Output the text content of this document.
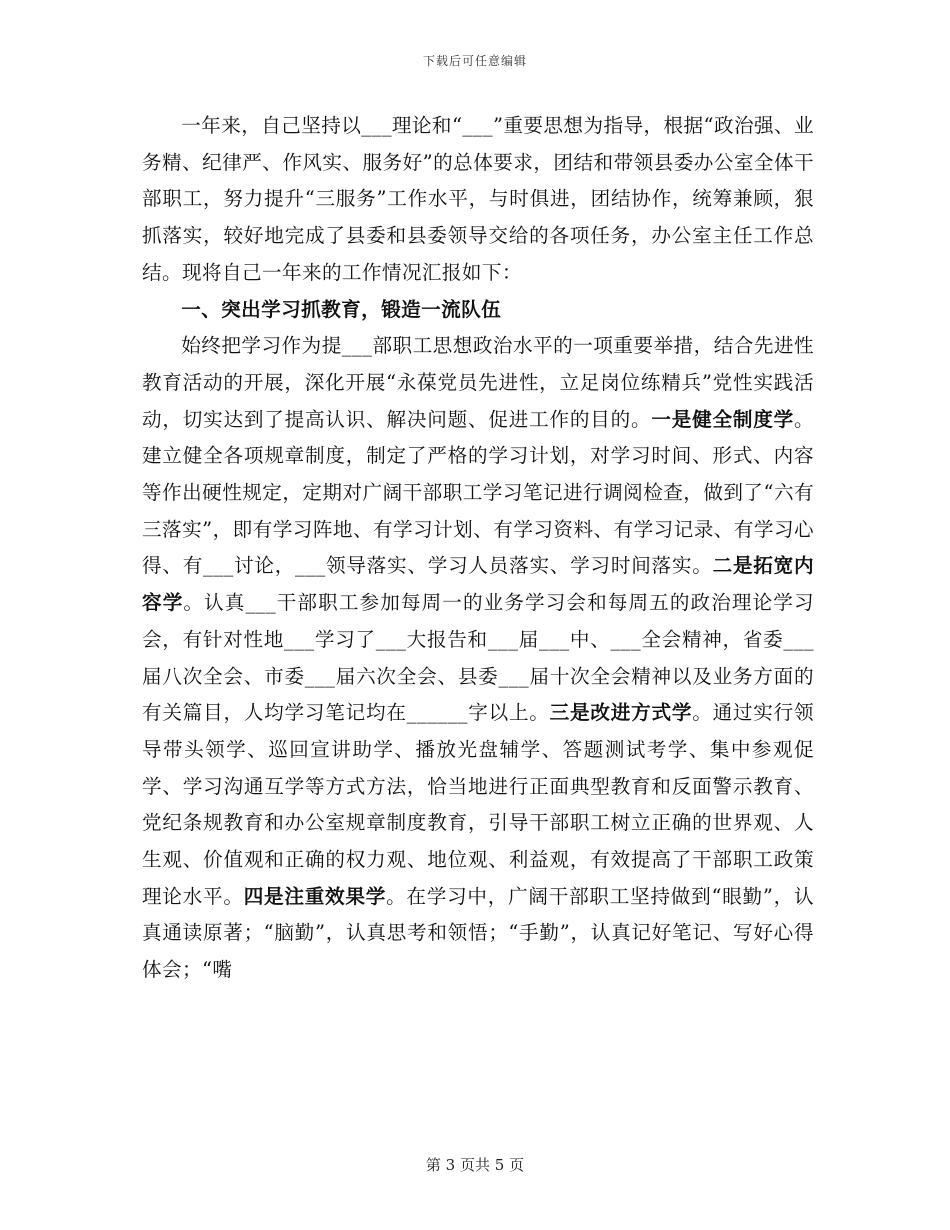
下载后可任意编辑

一年来，自己坚持以___理论和“___”重要思想为指导，根据“政治强、业务精、纪律严、作风实、服务好”的总体要求，团结和带领县委办公室全体干部职工，努力提升“三服务”工作水平，与时俱进，团结协作，统筹兼顾，狠抓落实，较好地完成了县委和县委领导交给的各项任务，办公室主任工作总结。现将自己一年来的工作情况汇报如下：

一、突出学习抓教育，锻造一流队伍

始终把学习作为提___部职工思想政治水平的一项重要举措，结合先进性教育活动的开展，深化开展“永葆党员先进性，立足岗位练精兵”党性实践活动，切实达到了提高认识、解决问题、促进工作的目的。一是健全制度学。建立健全各项规章制度，制定了严格的学习计划，对学习时间、形式、内容等作出硬性规定，定期对广阔干部职工学习笔记进行调阅检查，做到了“六有三落实”，即有学习阵地、有学习计划、有学习资料、有学习记录、有学习心得、有___讨论，___领导落实、学习人员落实、学习时间落实。二是拓宽内容学。认真___干部职工参加每周一的业务学习会和每周五的政治理论学习会，有针对性地___学习了___大报告和___届___中、___全会精神，省委___届八次全会、市委___届六次全会、县委___届十次全会精神以及业务方面的有关篇目，人均学习笔记均在______字以上。三是改进方式学。通过实行领导带头领学、巡回宣讲助学、播放光盘辅学、答题测试考学、集中参观促学、学习沟通互学等方式方法，恰当地进行正面典型教育和反面警示教育、党纪条规教育和办公室规章制度教育，引导干部职工树立正确的世界观、人生观、价值观和正确的权力观、地位观、利益观，有效提高了干部职工政策理论水平。四是注重效果学。在学习中，广阔干部职工坚持做到“眼勤”，认真通读原著；“脑勤”，认真思考和领悟；“手勤”，认真记好笔记、写好心得体会；“嘴

第 3 页共 5 页
